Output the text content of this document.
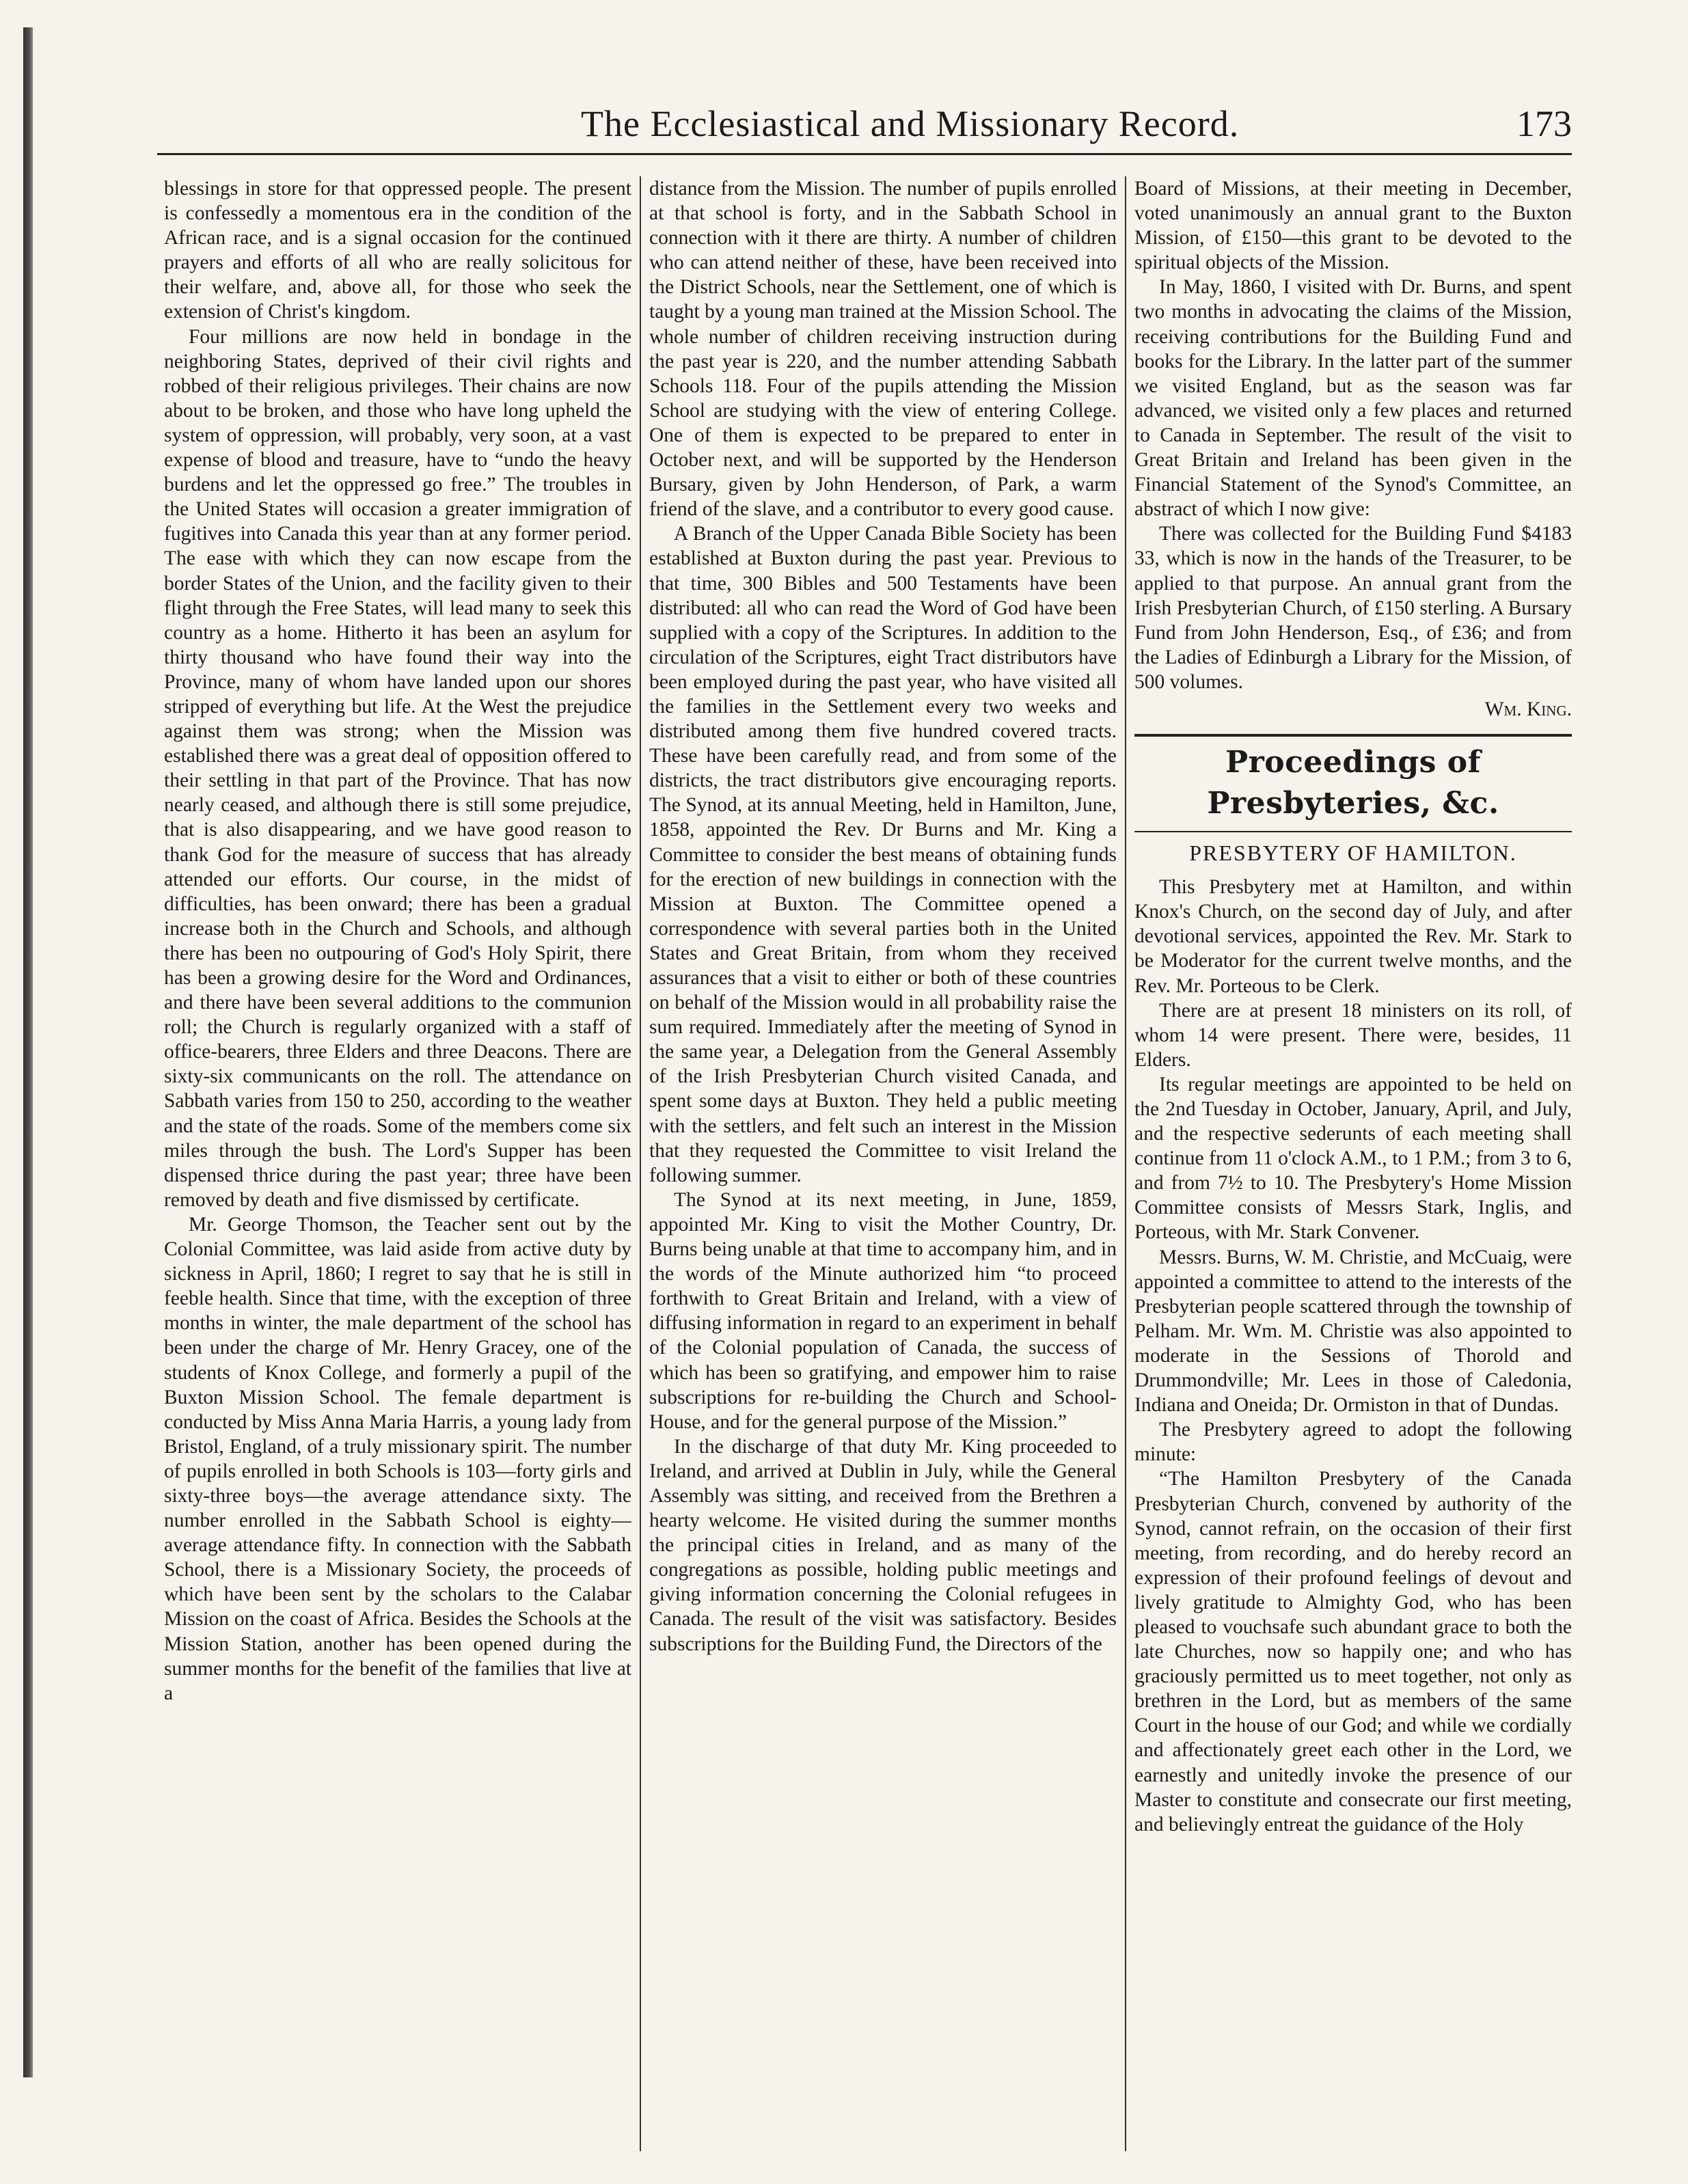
The Ecclesiastical and Missionary Record.	173

blessings in store for that oppressed people. The present is confessedly a momentous era in the condition of the African race, and is a signal occasion for the continued prayers and efforts of all who are really solicitous for their welfare, and, above all, for those who seek the extension of Christ's kingdom.

Four millions are now held in bondage in the neighboring States, deprived of their civil rights and robbed of their religious privileges. Their chains are now about to be broken, and those who have long upheld the system of oppression, will probably, very soon, at a vast expense of blood and treasure, have to “undo the heavy burdens and let the oppressed go free.” The troubles in the United States will occasion a greater immigration of fugitives into Canada this year than at any former period. The ease with which they can now escape from the border States of the Union, and the facility given to their flight through the Free States, will lead many to seek this country as a home. Hitherto it has been an asylum for thirty thousand who have found their way into the Province, many of whom have landed upon our shores stripped of everything but life. At the West the prejudice against them was strong; when the Mission was established there was a great deal of opposition offered to their settling in that part of the Province. That has now nearly ceased, and although there is still some prejudice, that is also disappearing, and we have good reason to thank God for the measure of success that has already attended our efforts. Our course, in the midst of difficulties, has been onward; there has been a gradual increase both in the Church and Schools, and although there has been no outpouring of God's Holy Spirit, there has been a growing desire for the Word and Ordinances, and there have been several additions to the communion roll; the Church is regularly organized with a staff of office-bearers, three Elders and three Deacons. There are sixty-six communicants on the roll. The attendance on Sabbath varies from 150 to 250, according to the weather and the state of the roads. Some of the members come six miles through the bush. The Lord's Supper has been dispensed thrice during the past year; three have been removed by death and five dismissed by certificate.

Mr. George Thomson, the Teacher sent out by the Colonial Committee, was laid aside from active duty by sickness in April, 1860; I regret to say that he is still in feeble health. Since that time, with the exception of three months in winter, the male department of the school has been under the charge of Mr. Henry Gracey, one of the students of Knox College, and formerly a pupil of the Buxton Mission School. The female department is conducted by Miss Anna Maria Harris, a young lady from Bristol, England, of a truly missionary spirit. The number of pupils enrolled in both Schools is 103—forty girls and sixty-three boys—the average attendance sixty. The number enrolled in the Sabbath School is eighty—average attendance fifty. In connection with the Sabbath School, there is a Missionary Society, the proceeds of which have been sent by the scholars to the Calabar Mission on the coast of Africa. Besides the Schools at the Mission Station, another has been opened during the summer months for the benefit of the families that live at a

distance from the Mission. The number of pupils enrolled at that school is forty, and in the Sabbath School in connection with it there are thirty. A number of children who can attend neither of these, have been received into the District Schools, near the Settlement, one of which is taught by a young man trained at the Mission School. The whole number of children receiving instruction during the past year is 220, and the number attending Sabbath Schools 118. Four of the pupils attending the Mission School are studying with the view of entering College. One of them is expected to be prepared to enter in October next, and will be supported by the Henderson Bursary, given by John Henderson, of Park, a warm friend of the slave, and a contributor to every good cause.

A Branch of the Upper Canada Bible Society has been established at Buxton during the past year. Previous to that time, 300 Bibles and 500 Testaments have been distributed: all who can read the Word of God have been supplied with a copy of the Scriptures. In addition to the circulation of the Scriptures, eight Tract distributors have been employed during the past year, who have visited all the families in the Settlement every two weeks and distributed among them five hundred covered tracts. These have been carefully read, and from some of the districts, the tract distributors give encouraging reports. The Synod, at its annual Meeting, held in Hamilton, June, 1858, appointed the Rev. Dr Burns and Mr. King a Committee to consider the best means of obtaining funds for the erection of new buildings in connection with the Mission at Buxton. The Committee opened a correspondence with several parties both in the United States and Great Britain, from whom they received assurances that a visit to either or both of these countries on behalf of the Mission would in all probability raise the sum required. Immediately after the meeting of Synod in the same year, a Delegation from the General Assembly of the Irish Presbyterian Church visited Canada, and spent some days at Buxton. They held a public meeting with the settlers, and felt such an interest in the Mission that they requested the Committee to visit Ireland the following summer.

The Synod at its next meeting, in June, 1859, appointed Mr. King to visit the Mother Country, Dr. Burns being unable at that time to accompany him, and in the words of the Minute authorized him “to proceed forthwith to Great Britain and Ireland, with a view of diffusing information in regard to an experiment in behalf of the Colonial population of Canada, the success of which has been so gratifying, and empower him to raise subscriptions for re-building the Church and School-House, and for the general purpose of the Mission.”

In the discharge of that duty Mr. King proceeded to Ireland, and arrived at Dublin in July, while the General Assembly was sitting, and received from the Brethren a hearty welcome. He visited during the summer months the principal cities in Ireland, and as many of the congregations as possible, holding public meetings and giving information concerning the Colonial refugees in Canada. The result of the visit was satisfactory. Besides subscriptions for the Building Fund, the Directors of the

Board of Missions, at their meeting in December, voted unanimously an annual grant to the Buxton Mission, of £150—this grant to be devoted to the spiritual objects of the Mission.

In May, 1860, I visited with Dr. Burns, and spent two months in advocating the claims of the Mission, receiving contributions for the Building Fund and books for the Library. In the latter part of the summer we visited England, but as the season was far advanced, we visited only a few places and returned to Canada in September. The result of the visit to Great Britain and Ireland has been given in the Financial Statement of the Synod's Committee, an abstract of which I now give:

There was collected for the Building Fund $4183 33, which is now in the hands of the Treasurer, to be applied to that purpose. An annual grant from the Irish Presbyterian Church, of £150 sterling. A Bursary Fund from John Henderson, Esq., of £36; and from the Ladies of Edinburgh a Library for the Mission, of 500 volumes.

Wm. King.
Proceedings of Presbyteries, &c.
PRESBYTERY OF HAMILTON.

This Presbytery met at Hamilton, and within Knox's Church, on the second day of July, and after devotional services, appointed the Rev. Mr. Stark to be Moderator for the current twelve months, and the Rev. Mr. Porteous to be Clerk.

There are at present 18 ministers on its roll, of whom 14 were present. There were, besides, 11 Elders.

Its regular meetings are appointed to be held on the 2nd Tuesday in October, January, April, and July, and the respective sederunts of each meeting shall continue from 11 o'clock A.M., to 1 P.M.; from 3 to 6, and from 7½ to 10. The Presbytery's Home Mission Committee consists of Messrs Stark, Inglis, and Porteous, with Mr. Stark Convener.

Messrs. Burns, W. M. Christie, and McCuaig, were appointed a committee to attend to the interests of the Presbyterian people scattered through the township of Pelham. Mr. Wm. M. Christie was also appointed to moderate in the Sessions of Thorold and Drummondville; Mr. Lees in those of Caledonia, Indiana and Oneida; Dr. Ormiston in that of Dundas.

The Presbytery agreed to adopt the following minute:

“The Hamilton Presbytery of the Canada Presbyterian Church, convened by authority of the Synod, cannot refrain, on the occasion of their first meeting, from recording, and do hereby record an expression of their profound feelings of devout and lively gratitude to Almighty God, who has been pleased to vouchsafe such abundant grace to both the late Churches, now so happily one; and who has graciously permitted us to meet together, not only as brethren in the Lord, but as members of the same Court in the house of our God; and while we cordially and affectionately greet each other in the Lord, we earnestly and unitedly invoke the presence of our Master to constitute and consecrate our first meeting, and believingly entreat the guidance of the Holy
